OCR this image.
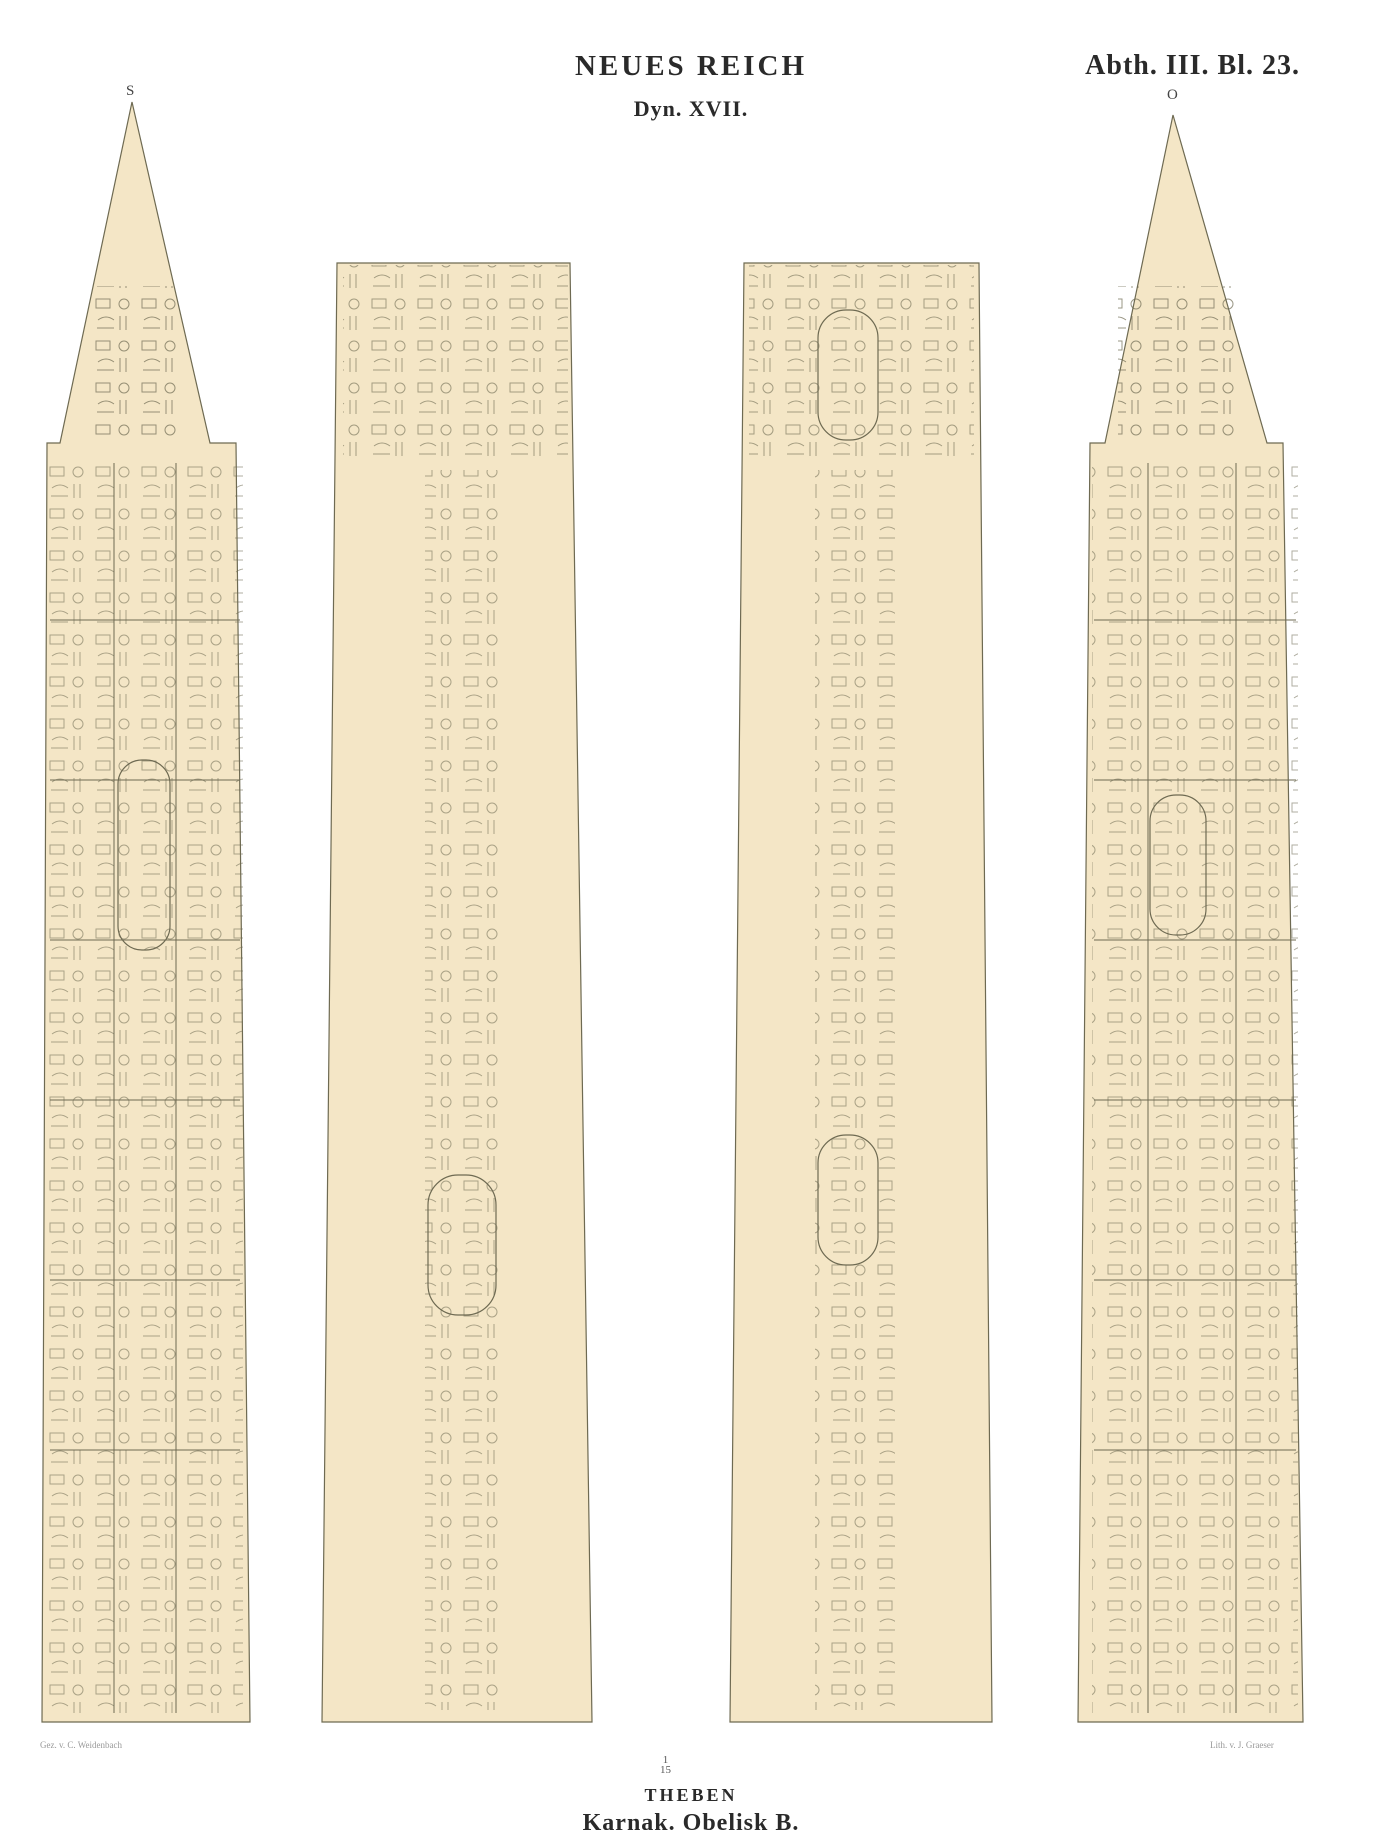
NEUES REICH
Dyn. XVII.
Abth. III. Bl. 23.
S	O
1
15
Gez. v. C. Weidenbach	Lith. v. J. Graeser
THEBEN
Karnak. Obelisk B.
